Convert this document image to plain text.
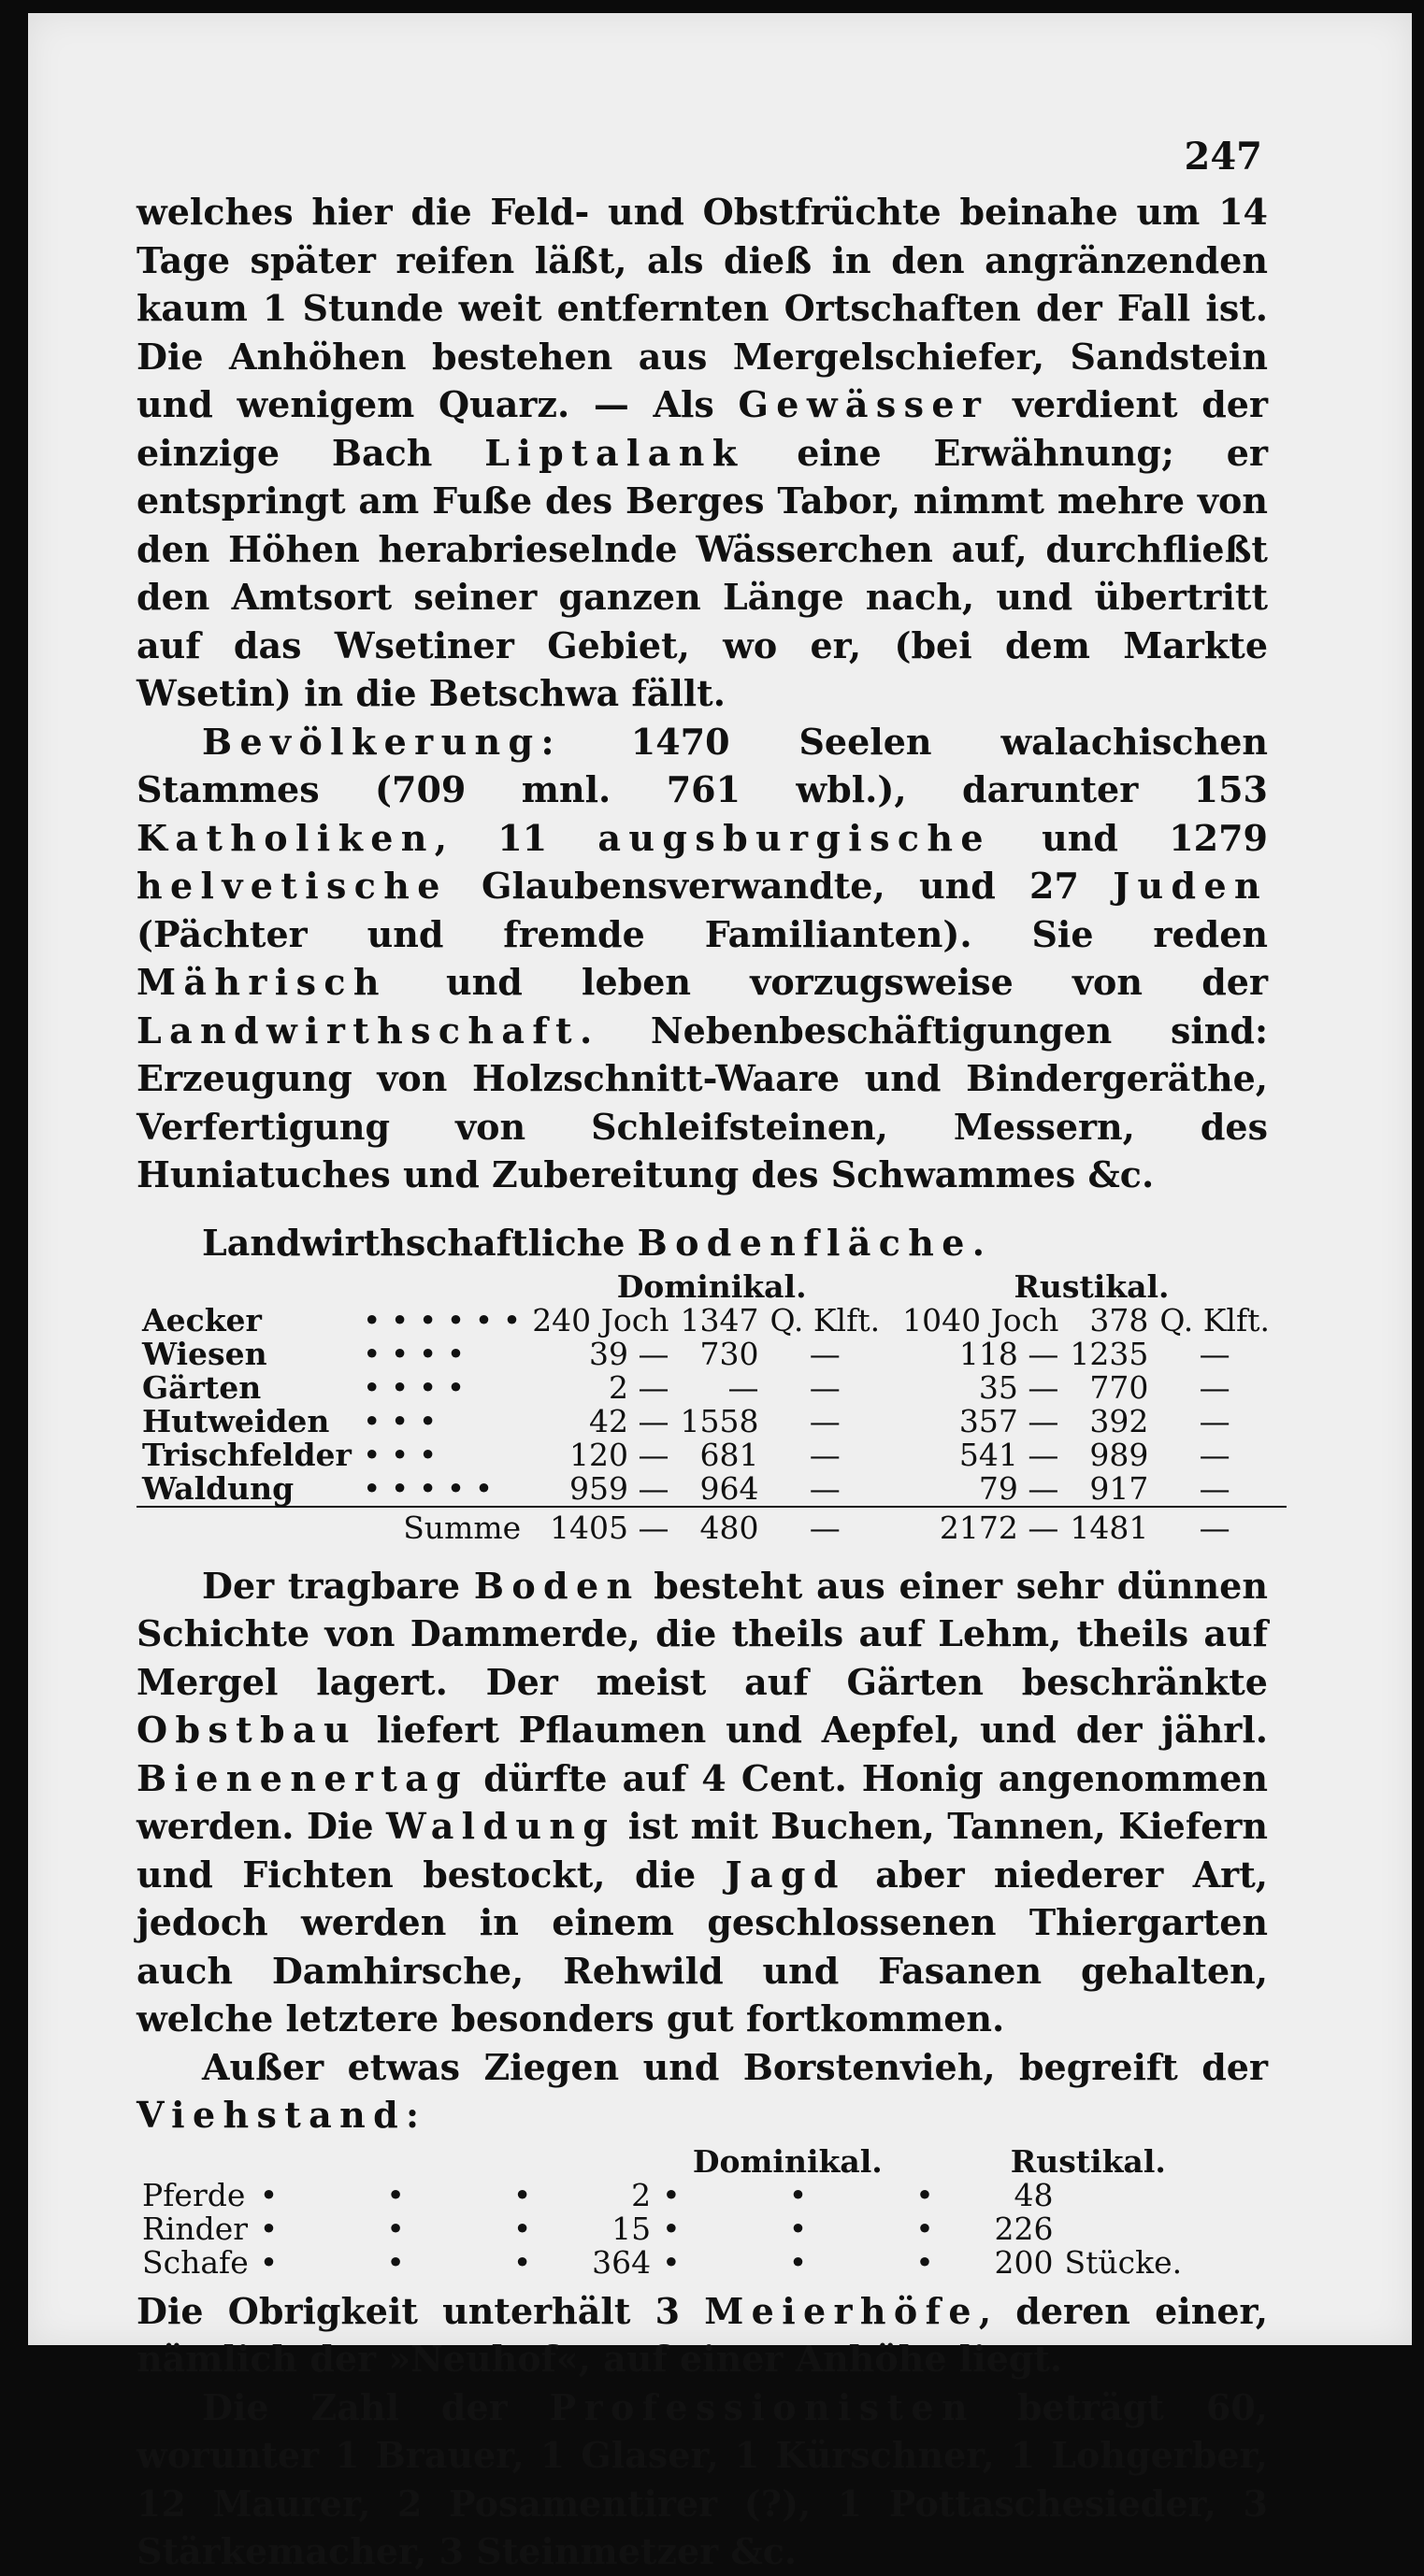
247

welches hier die Feld- und Obstfrüchte beinahe um 14 Tage später reifen läßt, als dieß in den angränzenden kaum 1 Stunde weit entfernten Ortschaften der Fall ist. Die Anhöhen bestehen aus Mergelschiefer, Sandstein und wenigem Quarz. — Als Gewässer verdient der einzige Bach Liptalank eine Erwähnung; er entspringt am Fuße des Berges Tabor, nimmt mehre von den Höhen herabrieselnde Wässerchen auf, durchfließt den Amtsort seiner ganzen Länge nach, und übertritt auf das Wsetiner Gebiet, wo er, (bei dem Markte Wsetin) in die Betschwa fällt.

Bevölkerung: 1470 Seelen walachischen Stammes (709 mnl. 761 wbl.), darunter 153 Katholiken, 11 augsburgische und 1279 helvetische Glaubensverwandte, und 27 Juden (Pächter und fremde Familianten). Sie reden Mährisch und leben vorzugsweise von der Landwirthschaft. Nebenbeschäftigungen sind: Erzeugung von Holzschnitt-Waare und Bindergeräthe, Verfertigung von Schleifsteinen, Messern, des Huniatuches und Zubereitung des Schwammes &c.

Landwirthschaftliche Bodenfläche.
		Dominikal.				Rustikal.			
Aecker	• • • • • •	240 Joch	1347	Q. Klft.		1040 Joch	378	Q. Klft.	
Wiesen	• • • •	39 —	730	—		118 —	1235	—	
Gärten	• • • •	2 —	—	—		35 —	770	—	
Hutweiden	• • •	42 —	1558	—		357 —	392	—	
Trischfelder	• • •	120 —	681	—		541 —	989	—	
Waldung	• • • • •	959 —	964	—		79 —	917	—	
	Summe	1405 —	480	—		2172 —	1481	—	

Der tragbare Boden besteht aus einer sehr dünnen Schichte von Dammerde, die theils auf Lehm, theils auf Mergel lagert. Der meist auf Gärten beschränkte Obstbau liefert Pflaumen und Aepfel, und der jährl. Bienenertag dürfte auf 4 Cent. Honig angenommen werden. Die Waldung ist mit Buchen, Tannen, Kiefern und Fichten bestockt, die Jagd aber niederer Art, jedoch werden in einem geschlossenen Thiergarten auch Damhirsche, Rehwild und Fasanen gehalten, welche letztere besonders gut fortkommen.

Außer etwas Ziegen und Borstenvieh, begreift der Viehstand:

		Dominikal.		Rustikal.	
Pferde	• • •	2	• • •	48	
Rinder	• • •	15	• • •	226	
Schafe	• • •	364	• • •	200	Stücke.

Die Obrigkeit unterhält 3 Meierhöfe, deren einer, nämlich der »Neuhof«, auf einer Anhöhe liegt.

Die Zahl der Professionisten beträgt 60, worunter 1 Brauer, 1 Glaser, 1 Kürschner, 1 Lohgerber, 12 Maurer, 2 Posamentirer (?), 1 Pottaschesieder, 3 Stärkemacher, 3 Steinmetzer &c.
